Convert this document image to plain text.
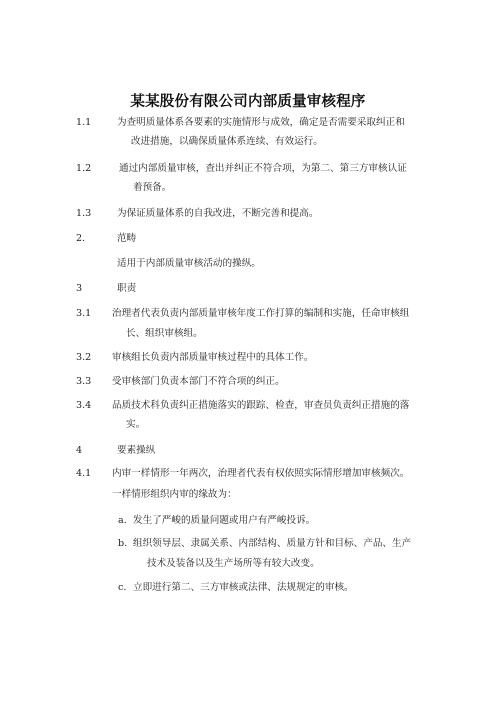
某某股份有限公司内部质量审核程序
1.1	为查明质量体系各要素的实施情形与成效，确定是否需要采取纠正和
改进措施，以确保质量体系连续、有效运行。
1.2	通过内部质量审核，查出并纠正不符合项，为第二、第三方审核认证
着预备。
1.3	为保证质量体系的自我改进，不断完善和提高。
2.	范畴
适用于内部质量审核活动的操纵。
3	职责
3.1 治理者代表负责内部质量审核年度工作打算的编制和实施，任命审核组
长、组织审核组。
3.2 审核组长负责内部质量审核过程中的具体工作。
3.3 受审核部门负责本部门不符合项的纠正。
3.4 品质技术科负责纠正措施落实的跟踪、检查，审查员负责纠正措施的落
实。
4	要素操纵
4.1 内审一样情形一年两次，治理者代表有权依照实际情形增加审核频次。
一样情形组织内审的缘故为：
a. 发生了严峻的质量问题或用户有严峻投诉。
b. 组织领导层、隶属关系、内部结构、质量方针和目标、产品、生产
技术及装备以及生产场所等有较大改变。
c. 立即进行第二、三方审核或法律、法规规定的审核。
